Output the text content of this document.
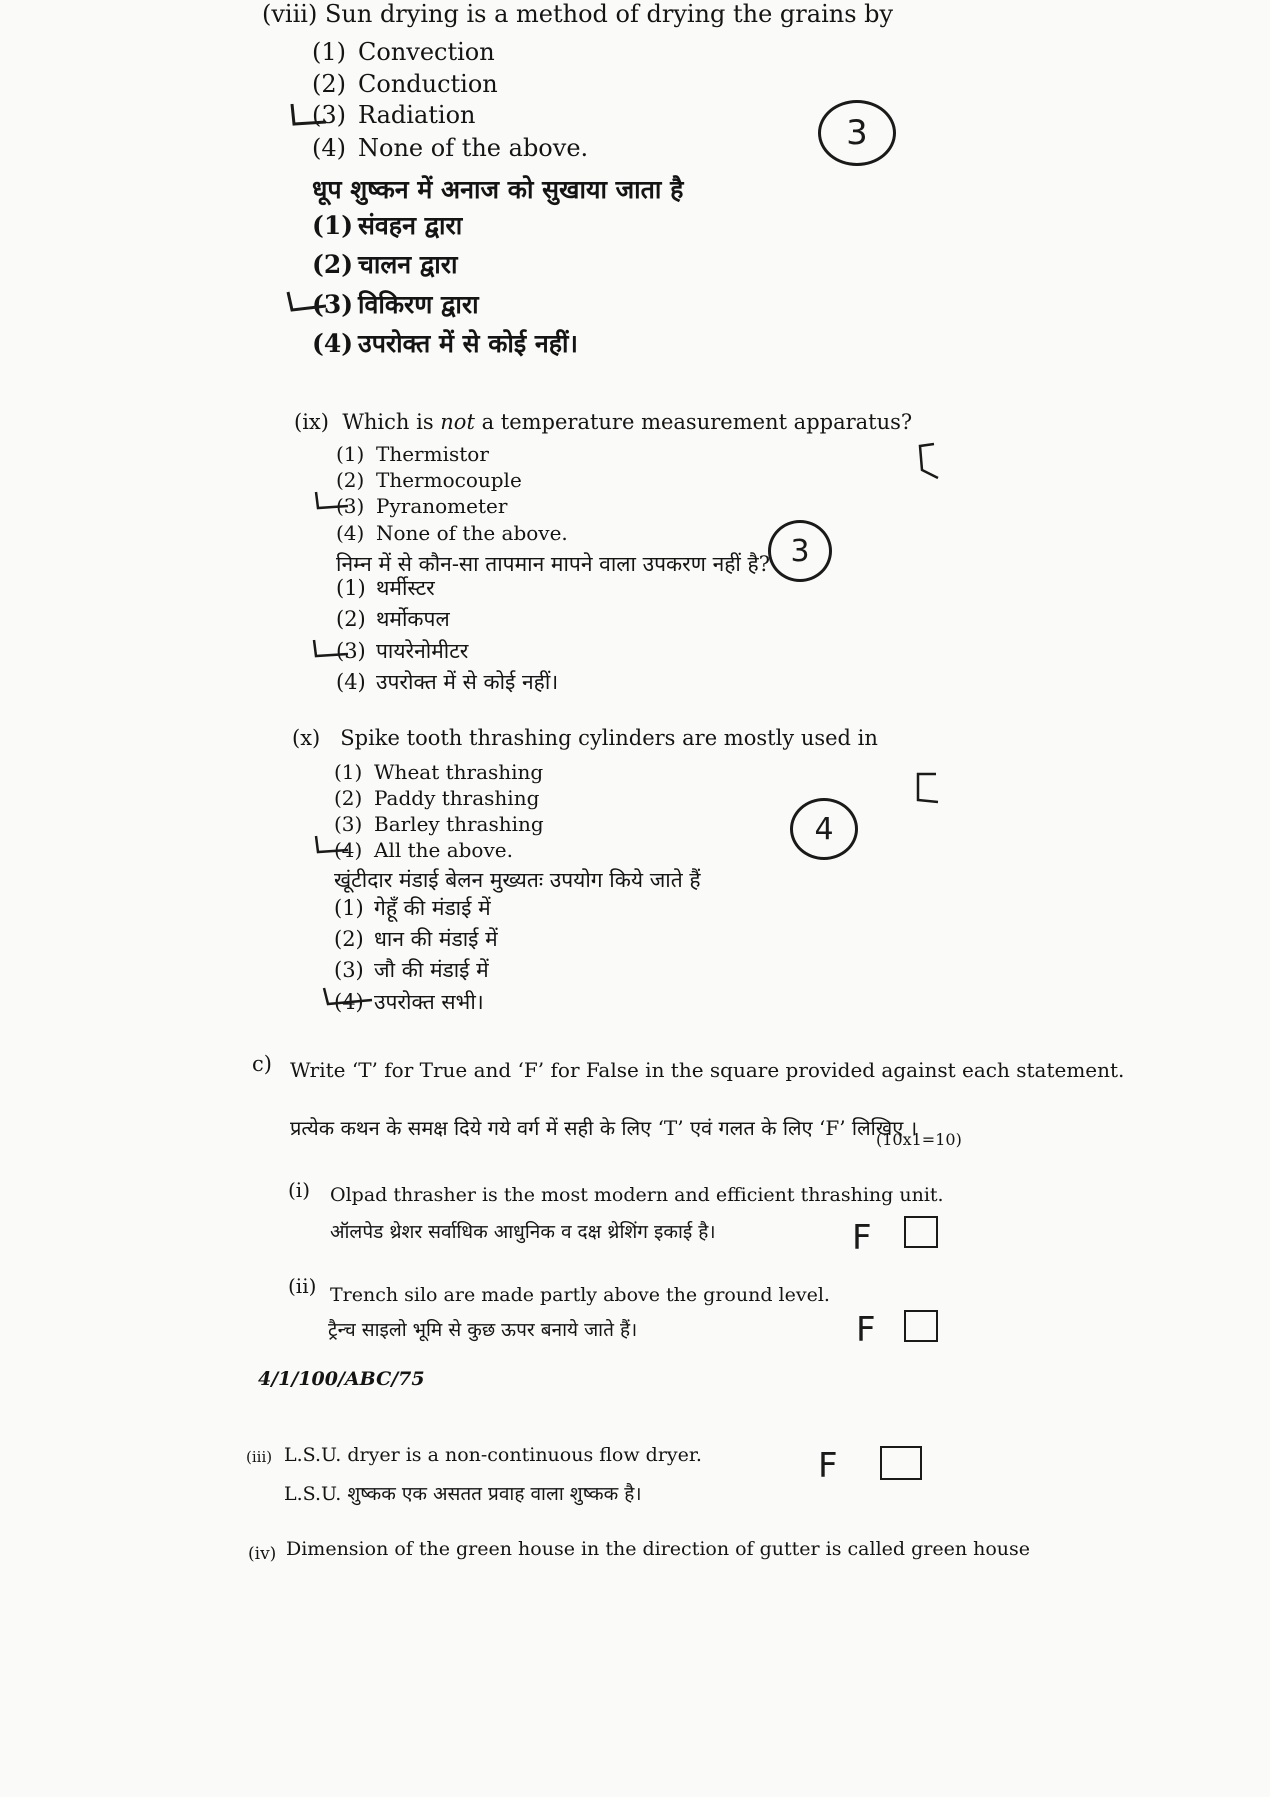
(viii) Sun drying is a method of drying the grains by
(1) Convection
(2) Conduction
(3) Radiation
(4) None of the above.
धूप शुष्कन में अनाज को सुखाया जाता है
(1) संवहन द्वारा
(2) चालन द्वारा
(3) विकिरण द्वारा
(4) उपरोक्त में से कोई नहीं।
3
(ix) Which is not a temperature measurement apparatus?
(1) Thermistor
(2) Thermocouple
(3) Pyranometer
(4) None of the above.
निम्न में से कौन-सा तापमान मापने वाला उपकरण नहीं है?
(1) थर्मीस्टर
(2) थर्मोकपल
(3) पायरेनोमीटर
(4) उपरोक्त में से कोई नहीं।
3
(x) Spike tooth thrashing cylinders are mostly used in
(1) Wheat thrashing
(2) Paddy thrashing
(3) Barley thrashing
(4) All the above.
खूंटीदार मंडाई बेलन मुख्यतः उपयोग किये जाते हैं
(1) गेहूँ की मंडाई में
(2) धान की मंडाई में
(3) जौ की मंडाई में
(4) उपरोक्त सभी।
4
c) Write ‘T’ for True and ‘F’ for False in the square provided against each statement.
प्रत्येक कथन के समक्ष दिये गये वर्ग में सही के लिए ‘T’ एवं गलत के लिए ‘F’ लिखिए ।
(10x1=10)
(i) Olpad thrasher is the most modern and efficient thrashing unit.
ऑलपेड थ्रेशर सर्वाधिक आधुनिक व दक्ष थ्रेशिंग इकाई है।	F
(ii) Trench silo are made partly above the ground level.
ट्रैन्च साइलो भूमि से कुछ ऊपर बनाये जाते हैं।	F
4/1/100/ABC/75
(iii) L.S.U. dryer is a non-continuous flow dryer.
L.S.U. शुष्कक एक असतत प्रवाह वाला शुष्कक है।
F
(iv) Dimension of the green house in the direction of gutter is called green house
